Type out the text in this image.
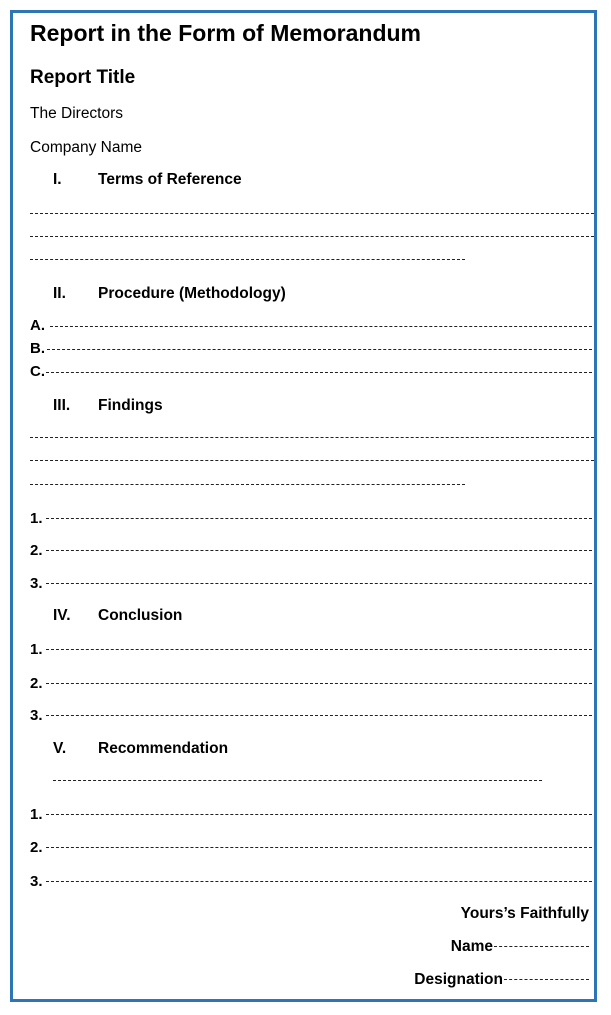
Report in the Form of Memorandum
Report Title
The Directors
Company Name
I. Terms of Reference
II. Procedure (Methodology)
A.
B.
C.
III. Findings
1.
2.
3.
IV. Conclusion
1.
2.
3.
V. Recommendation
1.
2.
3.
Yours’s Faithfully
Name
Designation
